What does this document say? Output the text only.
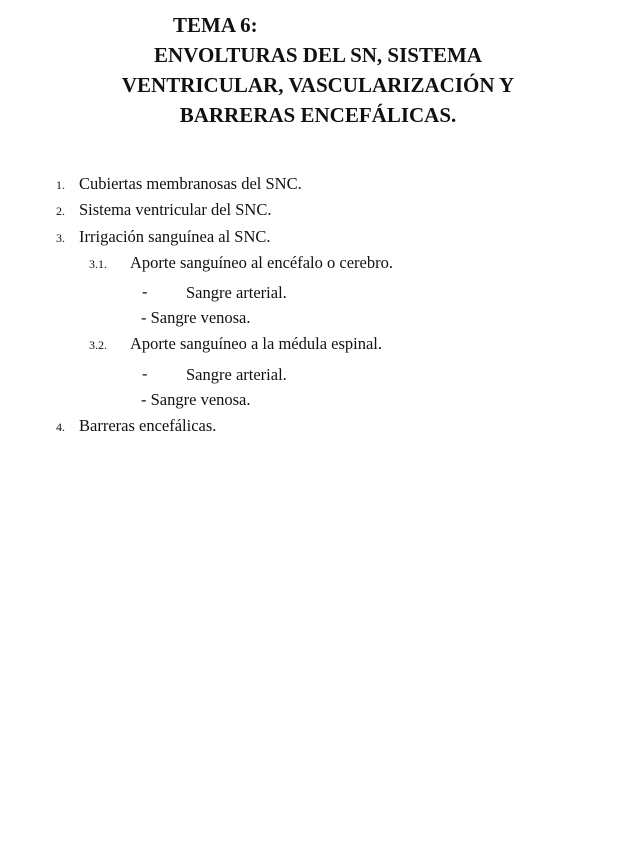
TEMA 6:
ENVOLTURAS DEL SN, SISTEMA
VENTRICULAR, VASCULARIZACIÓN Y
BARRERAS ENCEFÁLICAS.
1. Cubiertas membranosas del SNC.
2. Sistema ventricular del SNC.
3. Irrigación sanguínea al SNC.
3.1. Aporte sanguíneo al encéfalo o cerebro.
- Sangre arterial.
- Sangre venosa.
3.2. Aporte sanguíneo a la médula espinal.
- Sangre arterial.
- Sangre venosa.
4. Barreras encefálicas.
